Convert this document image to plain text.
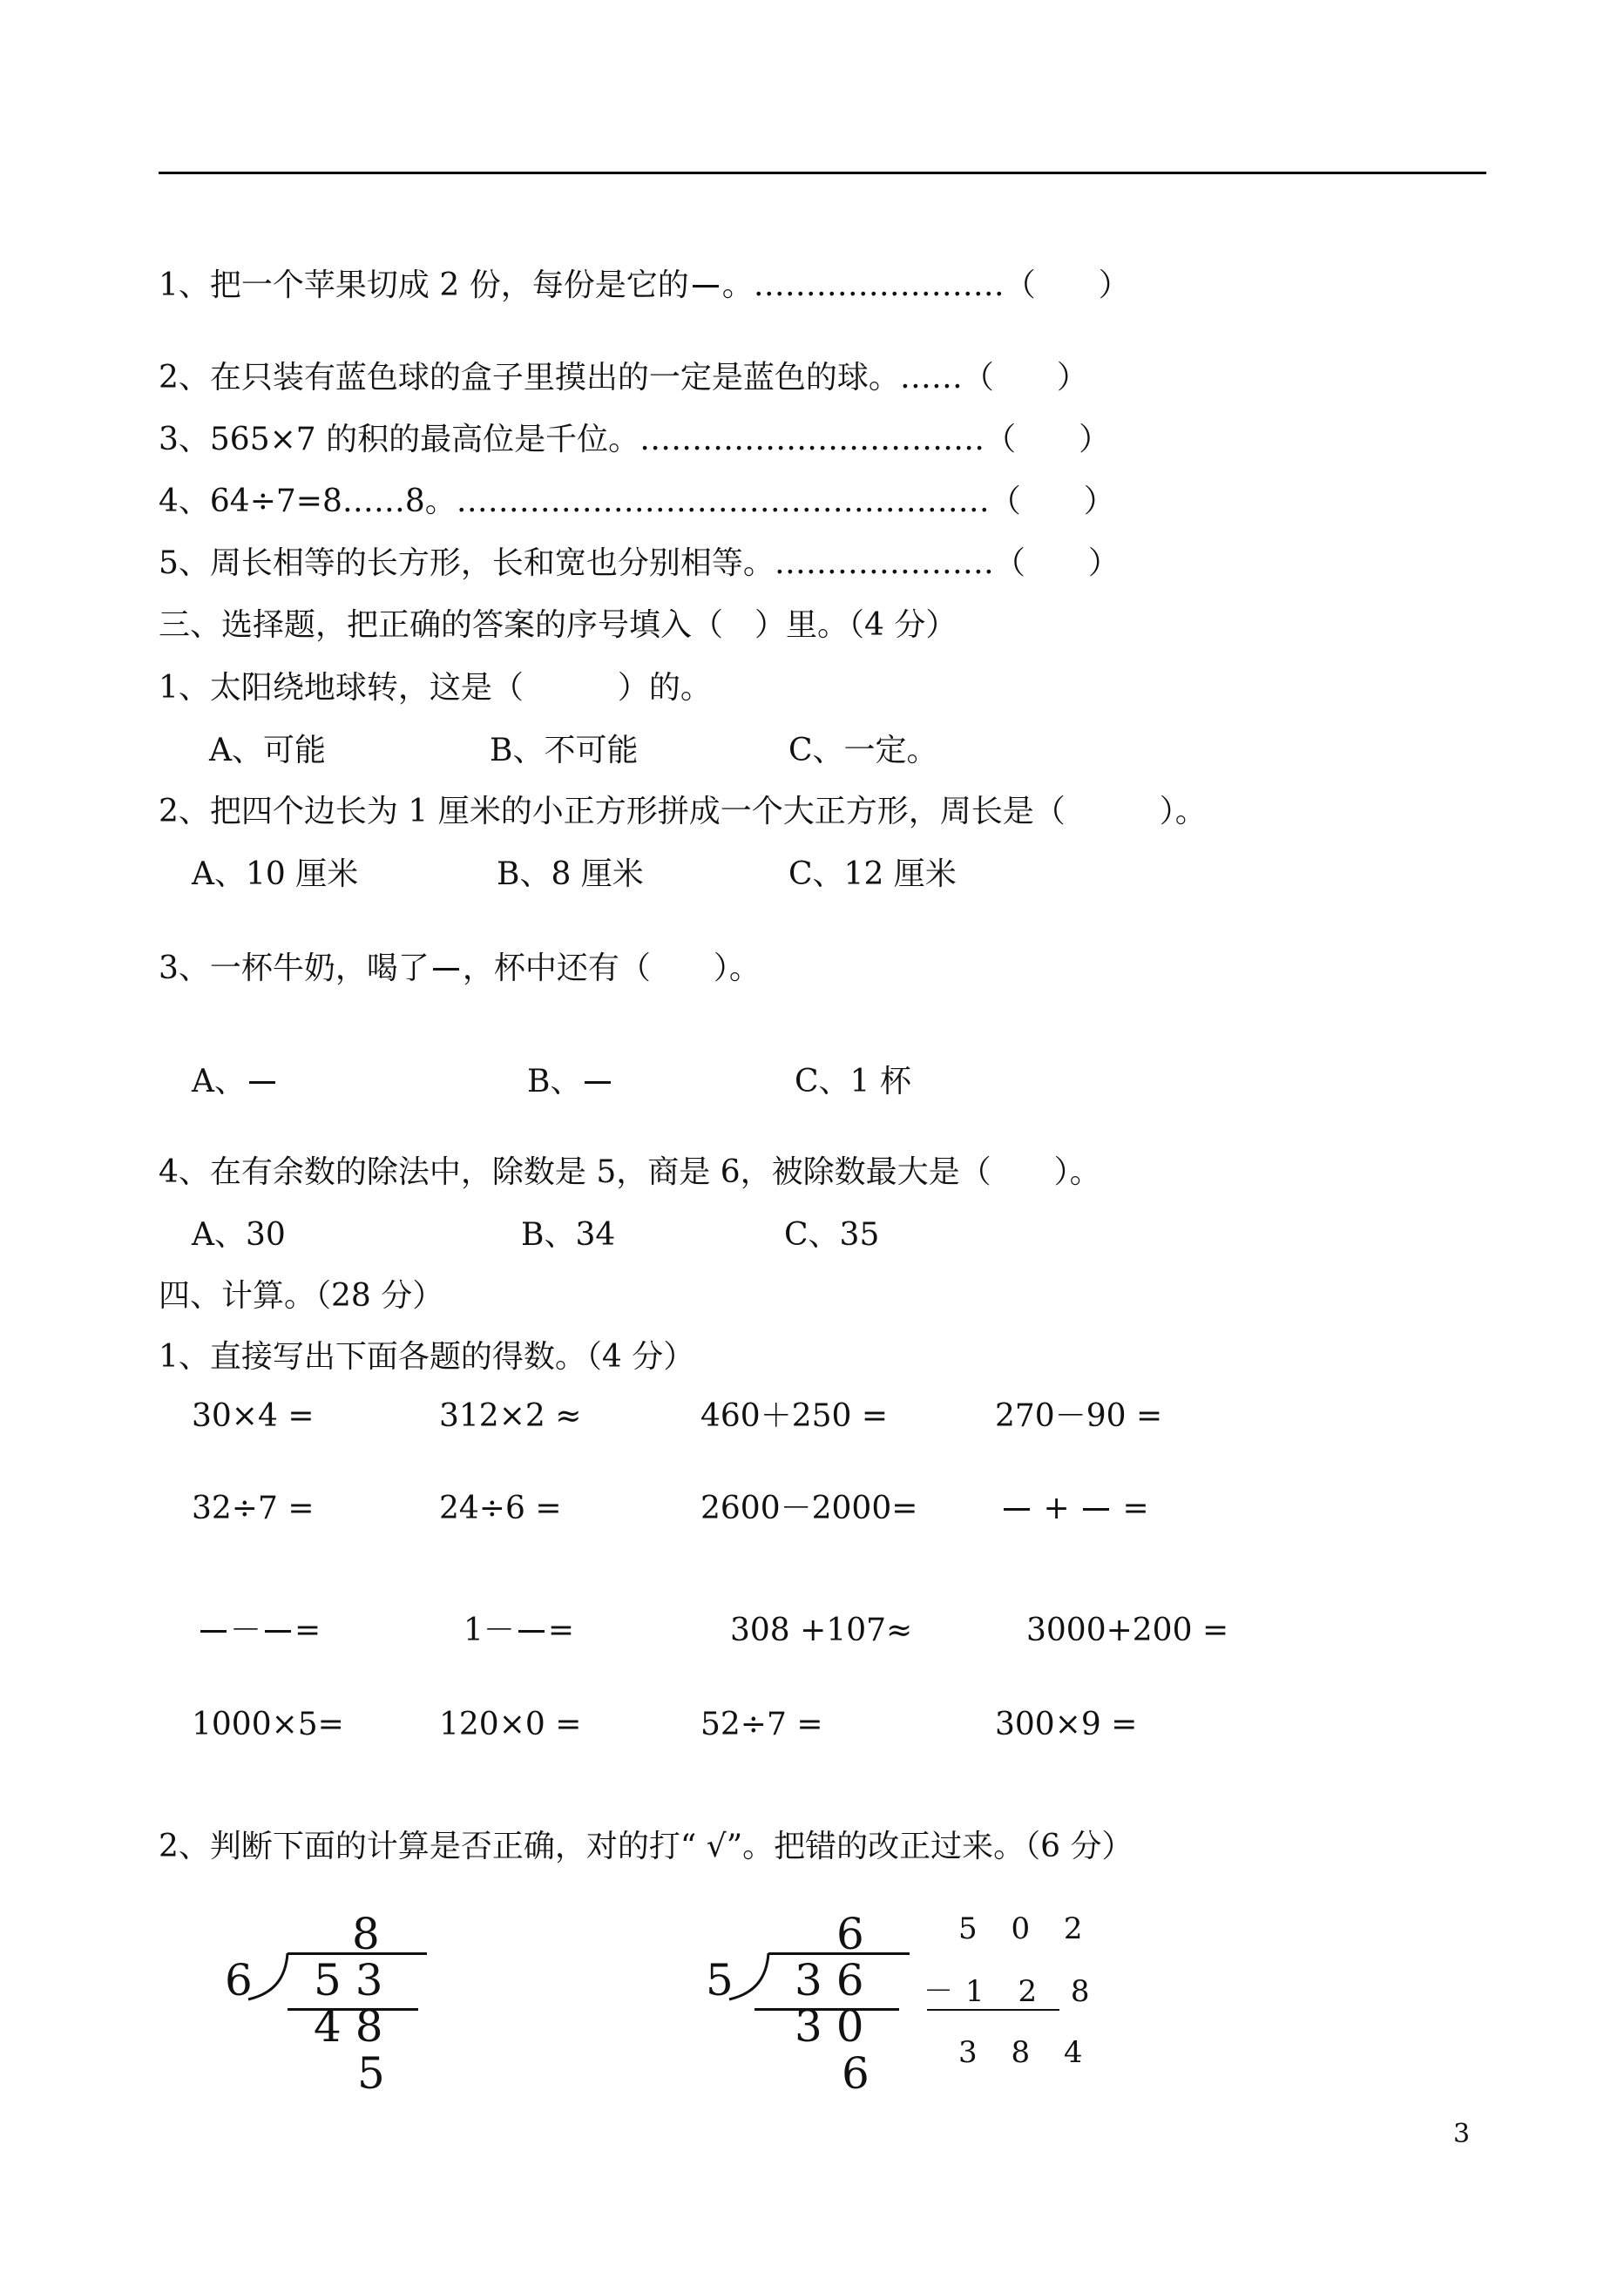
1、把一个苹果切成 2 份，每份是它的 。……………………（　　）
2、在只装有蓝色球的盒子里摸出的一定是蓝色的球。……（　　）
3、565×7 的积的最高位是千位。……………………………（　　）
4、64÷7=8……8。……………………………………………（　　）
5、周长相等的长方形，长和宽也分别相等。…………………（　　）
三、选择题，把正确的答案的序号填入（　）里。（4 分）
1、太阳绕地球转，这是（　　　）的。
A、可能	B、不可能	C、一定。
2、把四个边长为 1 厘米的小正方形拼成一个大正方形，周长是（　　　）。
A、10 厘米	B、8 厘米	C、12 厘米
3、一杯牛奶，喝了 ，杯中还有（　　）。
A、	B、	C、1 杯
4、在有余数的除法中，除数是 5，商是 6，被除数最大是（　　）。
A、30	B、34	C、35
四、计算。（28 分）
1、直接写出下面各题的得数。（4 分）
30×4 =	312×2 ≈	460＋250 =	270－90 =
32÷7 =	24÷6 =	2600－2000=	+ =
－ =	1－ =	308 +107≈	3000+200 =
1000×5=	120×0 =	52÷7 =	300×9 =
2、判断下面的计算是否正确，对的打“ √”。把错的改正过来。（6 分）
8
6 5 3
4 8
5
6
5 3 6
3 0
6
5 0 2
－1 2 8
3 8 4
3
